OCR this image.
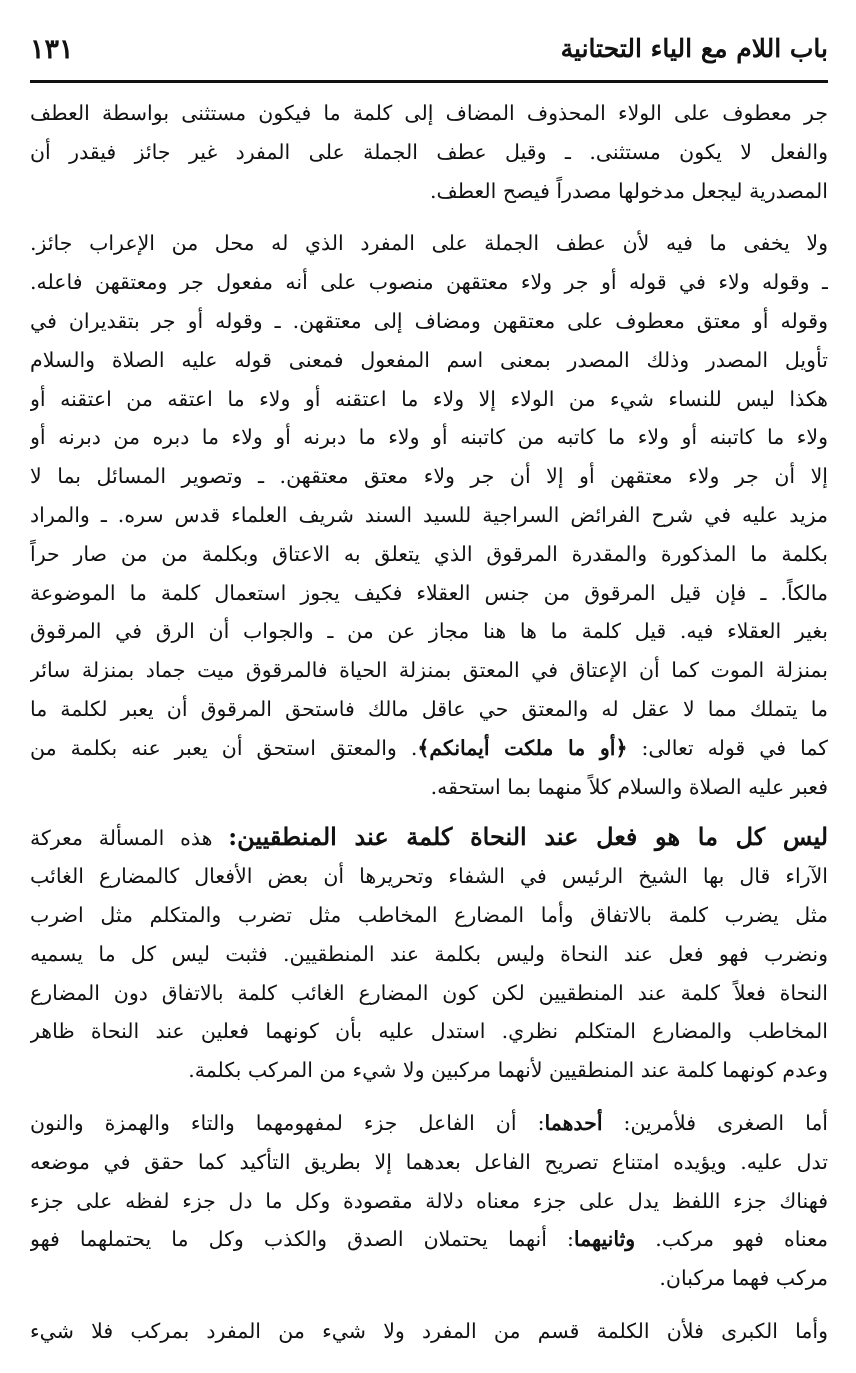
باب اللام مع الياء التحتانية
١٣١
جر معطوف على الولاء المحذوف المضاف إلى كلمة ما فيكون مستثنى بواسطة العطف
والفعل لا يكون مستثنى. ـ وقيل عطف الجملة على المفرد غير جائز فيقدر أن
المصدرية ليجعل مدخولها مصدراً فيصح العطف.
ولا يخفى ما فيه لأن عطف الجملة على المفرد الذي له محل من الإعراب جائز.
ـ وقوله ولاء في قوله أو جر ولاء معتقهن منصوب على أنه مفعول جر ومعتقهن فاعله.
وقوله أو معتق معطوف على معتقهن ومضاف إلى معتقهن. ـ وقوله أو جر بتقديران في
تأويل المصدر وذلك المصدر بمعنى اسم المفعول فمعنى قوله عليه الصلاة والسلام
هكذا ليس للنساء شيء من الولاء إلا ولاء ما اعتقنه أو ولاء ما اعتقه من اعتقنه أو
ولاء ما كاتبنه أو ولاء ما كاتبه من كاتبنه أو ولاء ما دبرنه أو ولاء ما دبره من دبرنه أو
إلا أن جر ولاء معتقهن أو إلا أن جر ولاء معتق معتقهن. ـ وتصوير المسائل بما لا
مزيد عليه في شرح الفرائض السراجية للسيد السند شريف العلماء قدس سره. ـ والمراد
بكلمة ما المذكورة والمقدرة المرقوق الذي يتعلق به الاعتاق وبكلمة من من صار حراً
مالكاً. ـ فإن قيل المرقوق من جنس العقلاء فكيف يجوز استعمال كلمة ما الموضوعة
بغير العقلاء فيه. قيل كلمة ما ها هنا مجاز عن من ـ والجواب أن الرق في المرقوق
بمنزلة الموت كما أن الإعتاق في المعتق بمنزلة الحياة فالمرقوق ميت جماد بمنزلة سائر
ما يتملك مما لا عقل له والمعتق حي عاقل مالك فاستحق المرقوق أن يعبر لكلمة ما
كما في قوله تعالى: ﴿أو ما ملكت أيمانكم﴾. والمعتق استحق أن يعبر عنه بكلمة من
فعبر عليه الصلاة والسلام كلاً منهما بما استحقه.
ليس كل ما هو فعل عند النحاة كلمة عند المنطقيين: هذه المسألة معركة
الآراء قال بها الشيخ الرئيس في الشفاء وتحريرها أن بعض الأفعال كالمضارع الغائب
مثل يضرب كلمة بالاتفاق وأما المضارع المخاطب مثل تضرب والمتكلم مثل اضرب
ونضرب فهو فعل عند النحاة وليس بكلمة عند المنطقيين. فثبت ليس كل ما يسميه
النحاة فعلاً كلمة عند المنطقيين لكن كون المضارع الغائب كلمة بالاتفاق دون المضارع
المخاطب والمضارع المتكلم نظري. استدل عليه بأن كونهما فعلين عند النحاة ظاهر
وعدم كونهما كلمة عند المنطقيين لأنهما مركبين ولا شيء من المركب بكلمة.
أما الصغرى فلأمرين: أحدهما: أن الفاعل جزء لمفهومهما والتاء والهمزة والنون
تدل عليه. ويؤيده امتناع تصريح الفاعل بعدهما إلا بطريق التأكيد كما حقق في موضعه
فهناك جزء اللفظ يدل على جزء معناه دلالة مقصودة وكل ما دل جزء لفظه على جزء
معناه فهو مركب. وثانيهما: أنهما يحتملان الصدق والكذب وكل ما يحتملهما فهو
مركب فهما مركبان.
وأما الكبرى فلأن الكلمة قسم من المفرد ولا شيء من المفرد بمركب فلا شيء
